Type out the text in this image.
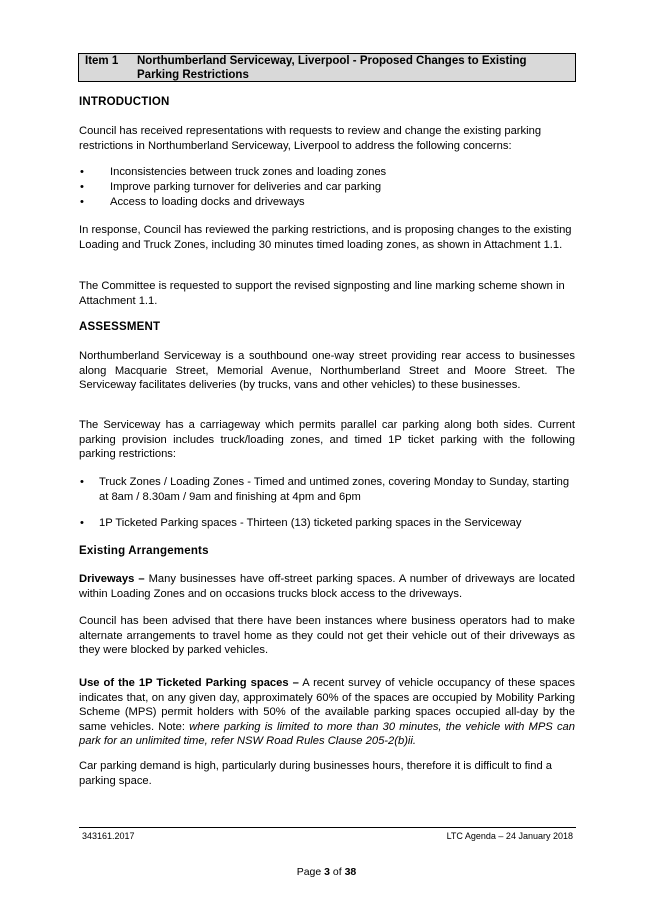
Item 1 Northumberland Serviceway, Liverpool - Proposed Changes to Existing Parking Restrictions
INTRODUCTION
Council has received representations with requests to review and change the existing parking restrictions in Northumberland Serviceway, Liverpool to address the following concerns:
• Inconsistencies between truck zones and loading zones
• Improve parking turnover for deliveries and car parking
• Access to loading docks and driveways
In response, Council has reviewed the parking restrictions, and is proposing changes to the existing Loading and Truck Zones, including 30 minutes timed loading zones, as shown in Attachment 1.1.
The Committee is requested to support the revised signposting and line marking scheme shown in Attachment 1.1.
ASSESSMENT
Northumberland Serviceway is a southbound one-way street providing rear access to businesses along Macquarie Street, Memorial Avenue, Northumberland Street and Moore Street. The Serviceway facilitates deliveries (by trucks, vans and other vehicles) to these businesses.
The Serviceway has a carriageway which permits parallel car parking along both sides. Current parking provision includes truck/loading zones, and timed 1P ticket parking with the following parking restrictions:
• Truck Zones / Loading Zones - Timed and untimed zones, covering Monday to Sunday, starting at 8am / 8.30am / 9am and finishing at 4pm and 6pm
• 1P Ticketed Parking spaces - Thirteen (13) ticketed parking spaces in the Serviceway
Existing Arrangements
Driveways – Many businesses have off-street parking spaces. A number of driveways are located within Loading Zones and on occasions trucks block access to the driveways.
Council has been advised that there have been instances where business operators had to make alternate arrangements to travel home as they could not get their vehicle out of their driveways as they were blocked by parked vehicles.
Use of the 1P Ticketed Parking spaces – A recent survey of vehicle occupancy of these spaces indicates that, on any given day, approximately 60% of the spaces are occupied by Mobility Parking Scheme (MPS) permit holders with 50% of the available parking spaces occupied all-day by the same vehicles. Note: where parking is limited to more than 30 minutes, the vehicle with MPS can park for an unlimited time, refer NSW Road Rules Clause 205-2(b)ii.
Car parking demand is high, particularly during businesses hours, therefore it is difficult to find a parking space.
343161.2017	LTC Agenda – 24 January 2018
Page 3 of 38
